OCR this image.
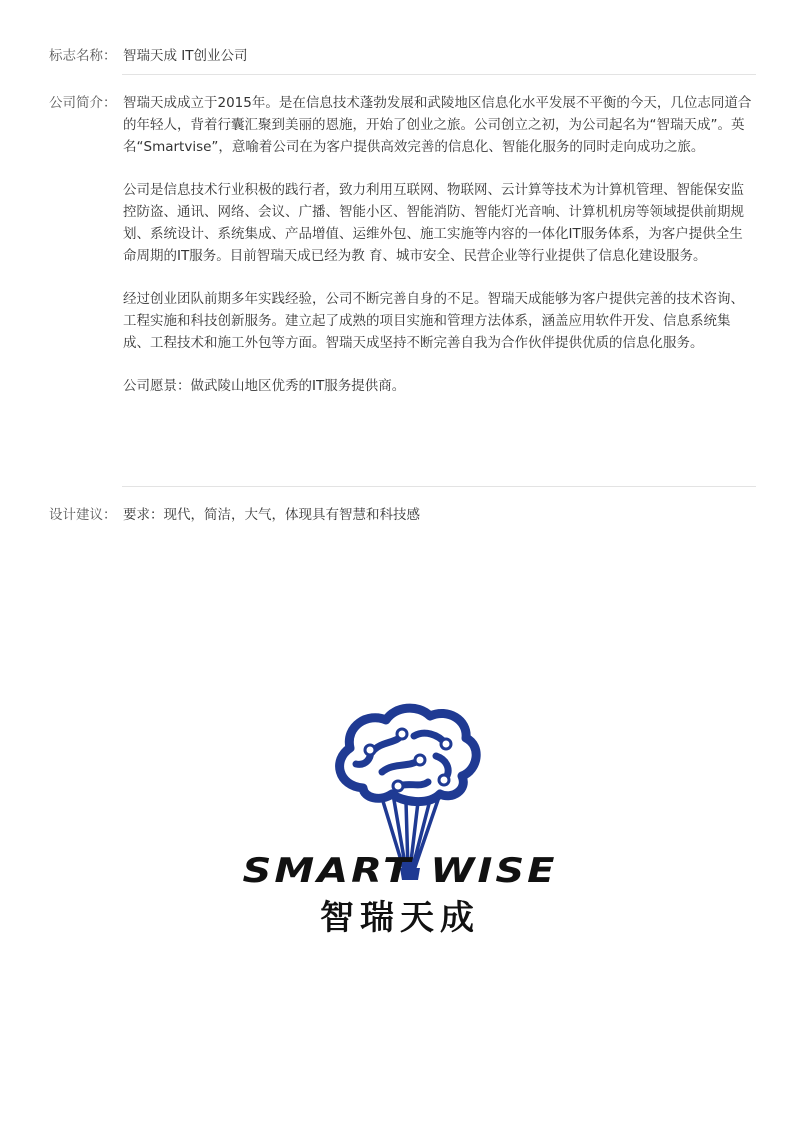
标志名称： 智瑞天成 IT创业公司
公司简介： 智瑞天成成立于2015年。是在信息技术蓬勃发展和武陵地区信息化水平发展不平衡的今天，几位志同道合的年轻人，背着行囊汇聚到美丽的恩施，开始了创业之旅。公司创立之初，为公司起名为“智瑞天成”。英名“Smartvise”，意喻着公司在为客户提供高效完善的信息化、智能化服务的同时走向成功之旅。

公司是信息技术行业积极的践行者，致力利用互联网、物联网、云计算等技术为计算机管理、智能保安监控防盗、通讯、网络、会议、广播、智能小区、智能消防、智能灯光音响、计算机机房等领域提供前期规划、系统设计、系统集成、产品增值、运维外包、施工实施等内容的一体化IT服务体系，为客户提供全生命周期的IT服务。目前智瑞天成已经为教 育、城市安全、民营企业等行业提供了信息化建设服务。

经过创业团队前期多年实践经验，公司不断完善自身的不足。智瑞天成能够为客户提供完善的技术咨询、工程实施和科技创新服务。建立起了成熟的项目实施和管理方法体系，涵盖应用软件开发、信息系统集成、工程技术和施工外包等方面。智瑞天成坚持不断完善自我为合作伙伴提供优质的信息化服务。

公司愿景：做武陵山地区优秀的IT服务提供商。

设计建议： 要求：现代，简洁，大气，体现具有智慧和科技感
SMART WISE
智瑞天成
